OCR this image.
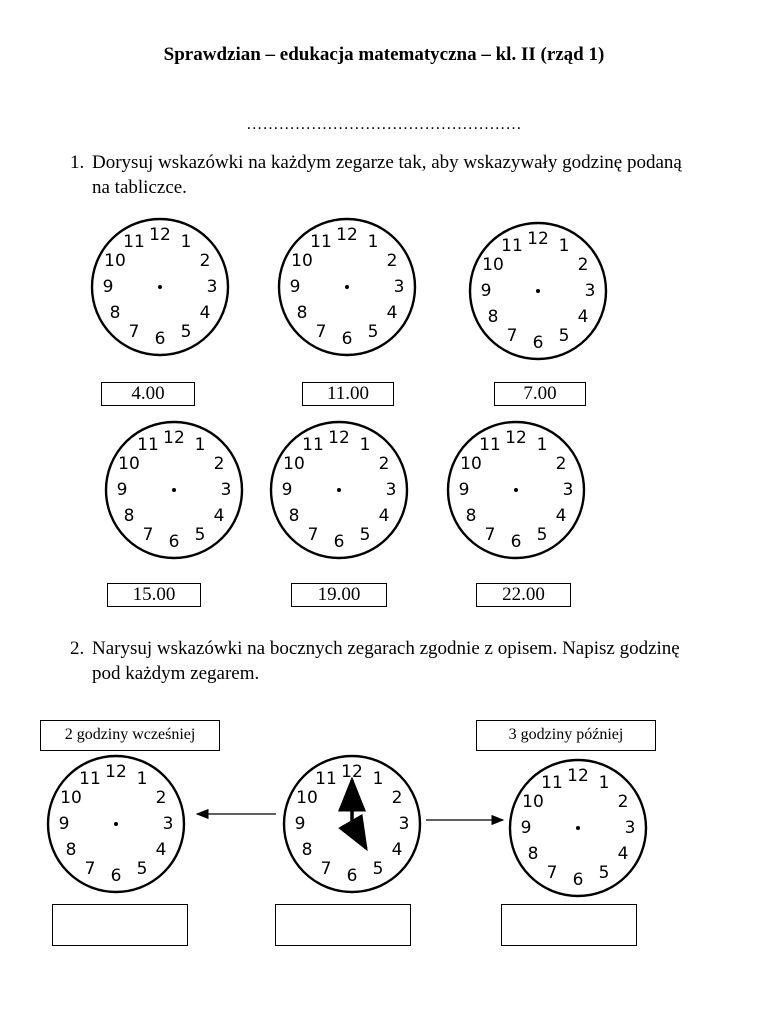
Sprawdzian – edukacja matematyczna – kl. II (rząd 1)
……………………………………………
1. Dorysuj wskazówki na każdym zegarze tak, aby wskazywały godzinę podaną na tabliczce.
4.00	11.00	7.00
15.00	19.00	22.00
2. Narysuj wskazówki na bocznych zegarach zgodnie z opisem. Napisz godzinę pod każdym zegarem.
2 godziny wcześniej	3 godziny później
12 1
2
3
4
5
6
7
8
9
10
11	12 1
2
3
4
5
6
7
8
9
10
11	12 1
2
3
4
5
6
7
8
9
10
11
12 1
2
3
4
5
6
7
8
9
10
11	12 1
2
3
4
5
6
7
8
9
10
11	12 1
2
3
4
5
6
7
8
9
10
11
12 1
2
3
4
5
6
7
8
9
10
11	12 1
2
3
4
5
6
7
8
9
10
11	12 1
2
3
4
5
6
7
8
9
10
11
